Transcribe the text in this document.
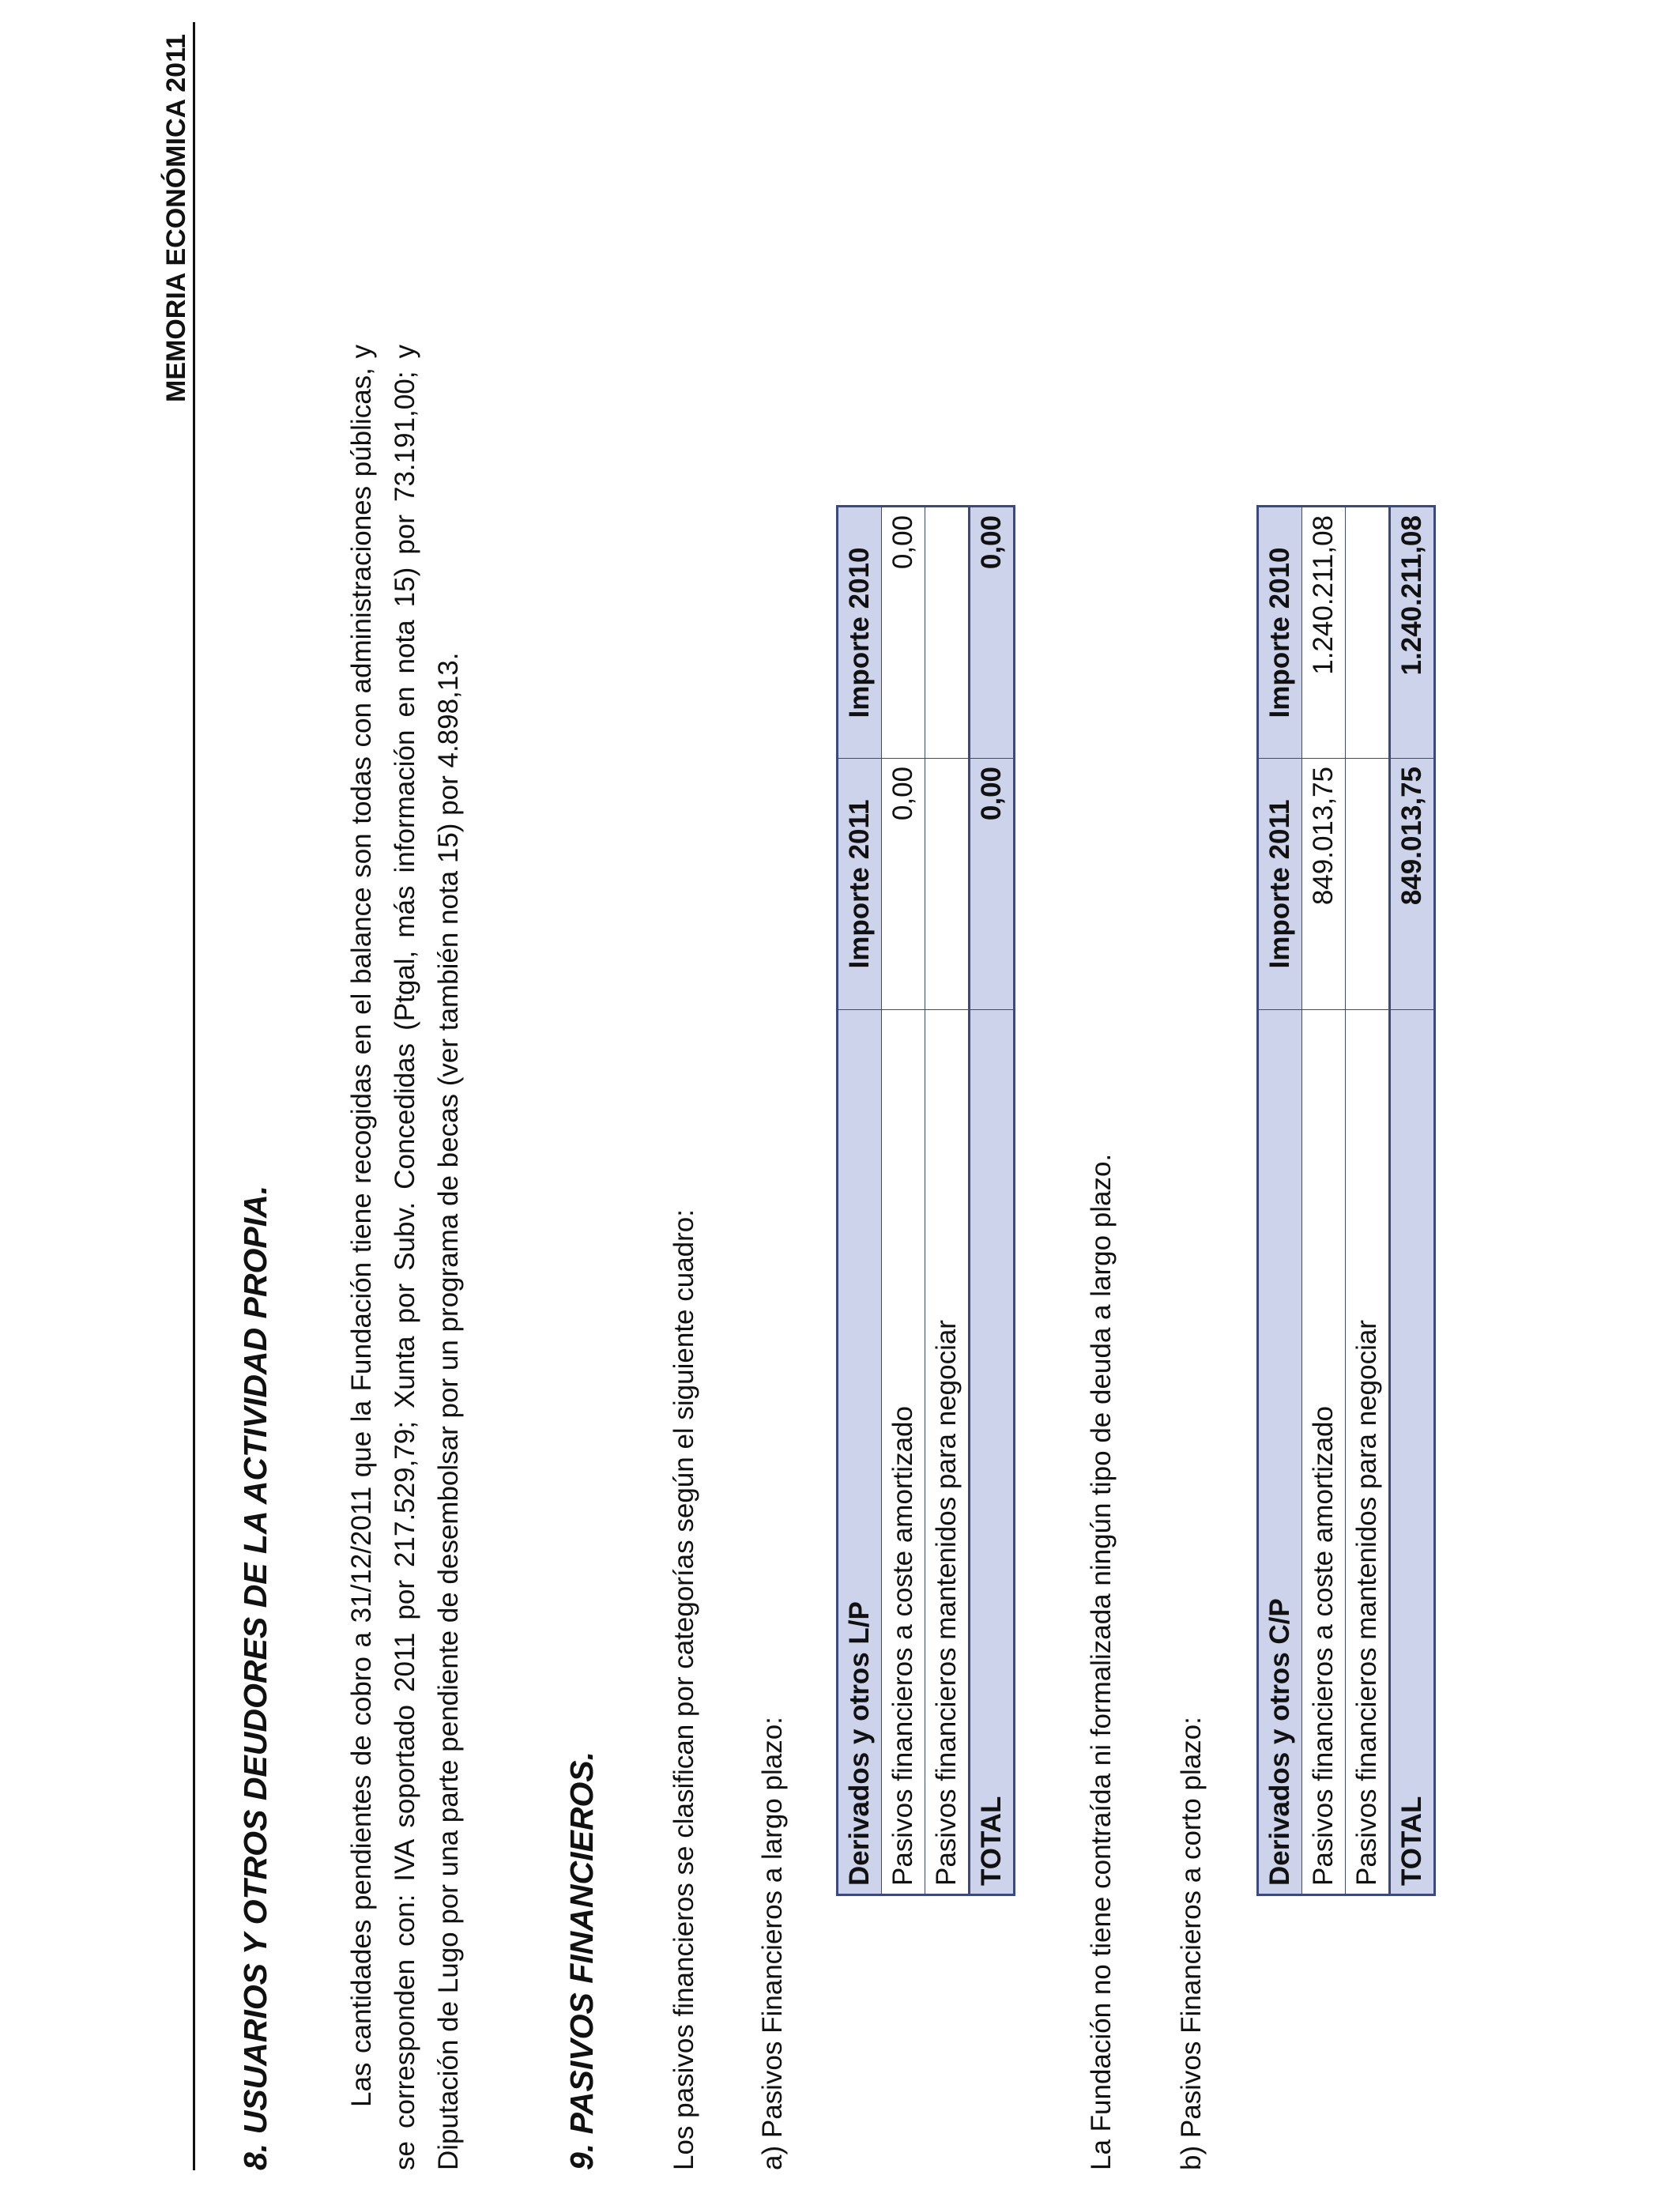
MEMORIA ECONÓMICA 2011
8. USUARIOS Y OTROS DEUDORES DE LA ACTIVIDAD PROPIA.	Las cantidades pendientes de cobro a 31/12/2011 que la Fundación tiene recogidas en el balance son todas con administraciones públicas, y se corresponden con: IVA soportado 2011 por 217.529,79; Xunta por Subv. Concedidas (Ptgal, más información en nota 15) por 73.191,00; y Diputación de Lugo por una parte pendiente de desembolsar por un programa de becas (ver también nota 15) por 4.898,13.	9. PASIVOS FINANCIEROS. Los pasivos financieros se clasifican por categorías según el siguiente cuadro: a) Pasivos Financieros a largo plazo: Derivados y otros L/P	Importe 2011	Importe 2010
Pasivos financieros a coste amortizado	0,00	0,00
Pasivos financieros mantenidos para negociar		
TOTAL	0,00	0,00
La Fundación no tiene contraída ni formalizada ningún tipo de deuda a largo plazo. b) Pasivos Financieros a corto plazo: Derivados y otros C/P	Importe 2011	Importe 2010
Pasivos financieros a coste amortizado	849.013,75	1.240.211,08
Pasivos financieros mantenidos para negociar		
TOTAL	849.013,75	1.240.211,08
